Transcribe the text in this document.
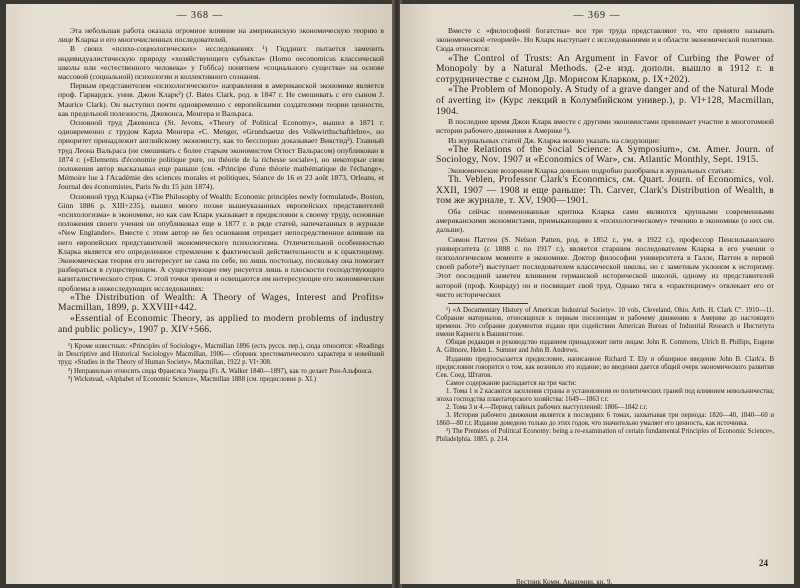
— 368 —

Эта небольшая работа оказала огромное влияние на американскую экономическую теорию в лице Кларка и его многочисленных последователей.

В своих «психо-социологических» исследованиях ¹) Гиддингс пытается заменить индивидуалистическую природу «хозяйствующего субъекта» (Homo oeconomicus классической школы или «естественного человека» у Гоббса) понятием «социального существа» на основе массовой (социальной) психологии и коллективного сознания.

Первым представителем «психологического» направления в американской экономике является проф. Гарвардск. унив. Джон Кларк²) (J. Bates Clark, род. в 1847 г. Не смешивать с его сыном J. Maurice Clark). Он выступил почти одновременно с европейскими создателями теории ценности, как предельной полезности, Джевонса, Менгера и Вальраса.

Основной труд Джевонса (St. Jevons, «Theory of Political Economy», вышел в 1871 г. одновременно с трудом Карла Менгера «C. Menger, «Grundsaetze des Volkwirthschaftlehre», но приоритет принадлежит английскому экономисту, как то бесспорно доказывает Викстид³). Главный труд Леона Вальраса (не смешивать с более старым экономистом Огюст Вальрасом) опубликован в 1874 г. («Elements d'économie politique pure, ou théorie de la richesse sociale»), но некоторые свои положения автор высказывал еще раньше (см. «Principe d'une théorie mathématique de l'échange», Mémoire lue à l'Académie des sciences morales et politiques, Séance de 16 et 23 août 1873, Orleans, et Journal des économistes, Paris № du 15 juin 1874).

Основной труд Кларка («The Philosophy of Wealth: Economic principles newly formulated», Boston, Ginn 1886 p. XIII+235), вышел много позже вышеуказанных европейских представителей «психологизма» в экономике, но как сам Кларк указывает в предисловии к своему труду, основные положения своего учения он опубликовал еще в 1877 г. в ряде статей, напечатанных в журнале «New Englander». Вместе с этим автор не без основания отрицает непосредственное влияние на него европейских представителей экономического психологизма. Отличительной особенностью Кларка является его определенное стремление к фактической действительности и к практицизму. Экономическая теория его интересует не сама по себе, но лишь постольку, поскольку она помогает разбираться в существующем. А существующее ему рисуется лишь в плоскости господствующего капиталистического строя. С этой точки зрения и освещаются им интересующие его экономические проблемы в нижеследующих исследованиях:

«The Distribution of Wealth: A Theory of Wages, Interest and Profits» Macmillan, 1899, p. XXVIII+442.

«Essential of Economic Theory, as applied to modern problems of industry and public policy», 1907 p. XIV+566.

¹) Кроме известных: «Principles of Sociology», Macmillan 1896 (есть русск. пер.), сюда относятся: «Readings in Descriptive and Historical Sociology» Macmillan, 1906— сборник хрестоматического характера и новейший труд: «Studies in the Theory of Human Society», Macmillan, 1922 p. VI+308.

²) Неправильно относить сюда Франсиса Уокера (Fr. A. Walker 1840—1897), как то делает Рон-Альфонса.

³) Wickstead, «Alphabet of Economic Science», Macmillan 1888 (см. предисловие р. XI.)

— 369 —

Вместе с «философией богатства» все три труда представляют то, что принято называть экономической «теорией». Но Кларк выступает с исследованиями и в области экономической политики. Сюда относятся:

«The Control of Trusts: An Argument in Favor of Curbing the Power of Monopoly by a Natural Methods. (2-е изд. дополн. вышло в 1912 г. в сотрудничестве с сыном Др. Морисом Кларком, р. IX+202).

«The Problem of Monopoly. A Study of a grave danger and of the Natural Mode of averting it» (Курс лекций в Колумбийском универ.), р. VI+128, Macmillan, 1904.

В последнее время Джон Кларк вместе с другими экономистами принимает участие в многотомной истории рабочего движения в Америке ¹).

Из журнальных статей Дж. Кларка можно указать на следующие:

«The Relations of the Social Science: A Symposium», см. Amer. Journ. of Sociology, Nov. 1907 и «Economics of War», см. Atlantic Monthly, Sept. 1915.

Экономические воззрения Кларка довольно подробно разобраны в журнальных статьях:

Th. Veblen, Professor Clark's Economics, см. Quart. Journ. of Economics, vol. XXII, 1907 — 1908 и еще раньше: Th. Carver, Clark's Distribution of Wealth, в том же журнале, т. XV, 1900—1901.

Оба сейчас поименованные критика Кларка сами являются крупными современными американскими экономистами, примыкающими к «психологическому» течению в экономике (о них см. дальше).

Симон Паттен (S. Nelson Patten, род. в 1852 г., ум. в 1922 г.), профессор Пенсильванского университета (с 1888 г. по 1917 г.), является старшим последователем Кларка в его учении о психологическом моменте в экономике. Доктор философии университета в Галле, Паттен в первой своей работе²) выступает последователем классической школы, но с заметным уклоном к историзму. Этот последний заметен влиянием германской исторической школой, одному из представителей которой (проф. Конраду) он и посвящает свой труд. Однако тяга к «практицизму» отвлекает его от чисто исторических

¹) «A Documentary History of American Industrial Society». 10 vols, Cleveland, Ohio. Arth. H. Clark Cº. 1910—11. Собрание материалов, относящихся к первым поселенцам и рабочему движению в Америке до настоящего времени. Это собрание документов издано при содействии American Bureau of Industrial Research и Института имени Карнеги в Вашингтоне.

Общая редакция и руководство изданием принадлежит пяти лицам: John R. Commons, Ulrich B. Phillips, Eugene A. Gilmore, Helen L. Sumner and John B. Andrews.

Изданию предпосылается предисловие, написанное Richard T. Ely и обширное введение John B. Clark'а. В предисловии говорится о том, как возникло это издание; во введении дается общий очерк экономического развития Сев. Соед. Штатов.

Самое содержание распадается на три части:

1. Тома 1 и 2 касаются заселения страны и установления ее политических граней под влиянием невольничества; эпоха господства плантаторского хозяйства: 1649—1863 г.г.

2. Тома 3 и 4.—Период тайных рабочих выступлений: 1806—1842 г.г.

3. История рабочего движения является в последних 6 томах, захватывая три периода: 1820—40, 1840—60 и 1860—80 г.г. Издание доведено только до этих годов, что значительно умаляет его ценность, как источника.

²) The Premises of Political Economy: being a re-examination of certain fundamental Principles of Economic Science», Philadelphia. 1885. р. 214.

24
Вестник Комм. Академии, кн. 9.
